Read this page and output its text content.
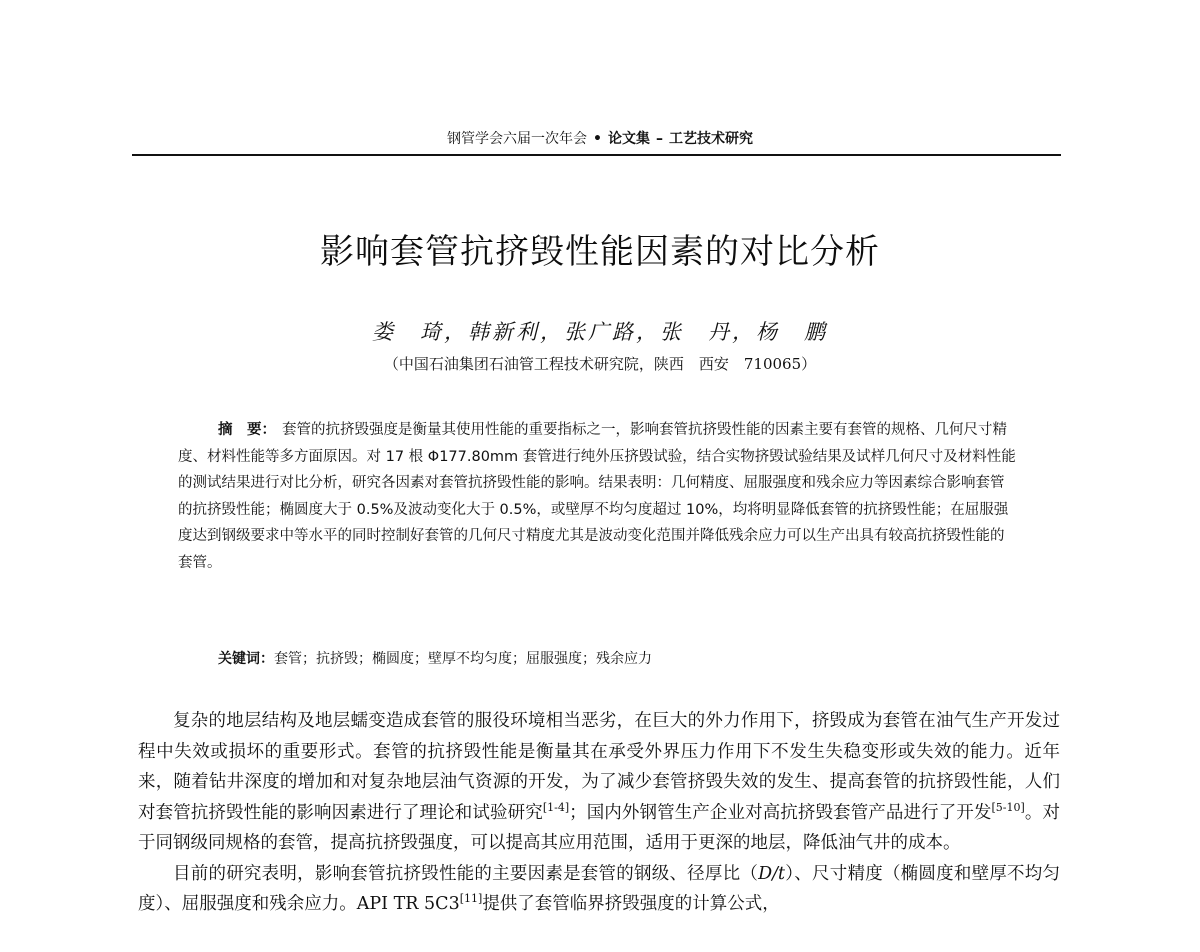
钢管学会六届一次年会 • 论文集 – 工艺技术研究
影响套管抗挤毁性能因素的对比分析
娄　琦，韩新利，张广路，张　丹，杨　鹏
（中国石油集团石油管工程技术研究院，陕西　西安　710065）

摘　要： 套管的抗挤毁强度是衡量其使用性能的重要指标之一，影响套管抗挤毁性能的因素主要有套管的规格、几何尺寸精度、材料性能等多方面原因。对 17 根 Φ177.80mm 套管进行纯外压挤毁试验，结合实物挤毁试验结果及试样几何尺寸及材料性能的测试结果进行对比分析，研究各因素对套管抗挤毁性能的影响。结果表明：几何精度、屈服强度和残余应力等因素综合影响套管的抗挤毁性能；椭圆度大于 0.5%及波动变化大于 0.5%，或壁厚不均匀度超过 10%，均将明显降低套管的抗挤毁性能；在屈服强度达到钢级要求中等水平的同时控制好套管的几何尺寸精度尤其是波动变化范围并降低残余应力可以生产出具有较高抗挤毁性能的套管。

关键词：套管；抗挤毁；椭圆度；壁厚不均匀度；屈服强度；残余应力

复杂的地层结构及地层蠕变造成套管的服役环境相当恶劣，在巨大的外力作用下，挤毁成为套管在油气生产开发过程中失效或损坏的重要形式。套管的抗挤毁性能是衡量其在承受外界压力作用下不发生失稳变形或失效的能力。近年来，随着钻井深度的增加和对复杂地层油气资源的开发，为了减少套管挤毁失效的发生、提高套管的抗挤毁性能，人们对套管抗挤毁性能的影响因素进行了理论和试验研究[1-4]；国内外钢管生产企业对高抗挤毁套管产品进行了开发[5-10]。对于同钢级同规格的套管，提高抗挤毁强度，可以提高其应用范围，适用于更深的地层，降低油气井的成本。

目前的研究表明，影响套管抗挤毁性能的主要因素是套管的钢级、径厚比（D/t）、尺寸精度（椭圆度和壁厚不均匀度）、屈服强度和残余应力。API TR 5C3[11]提供了套管临界挤毁强度的计算公式，
